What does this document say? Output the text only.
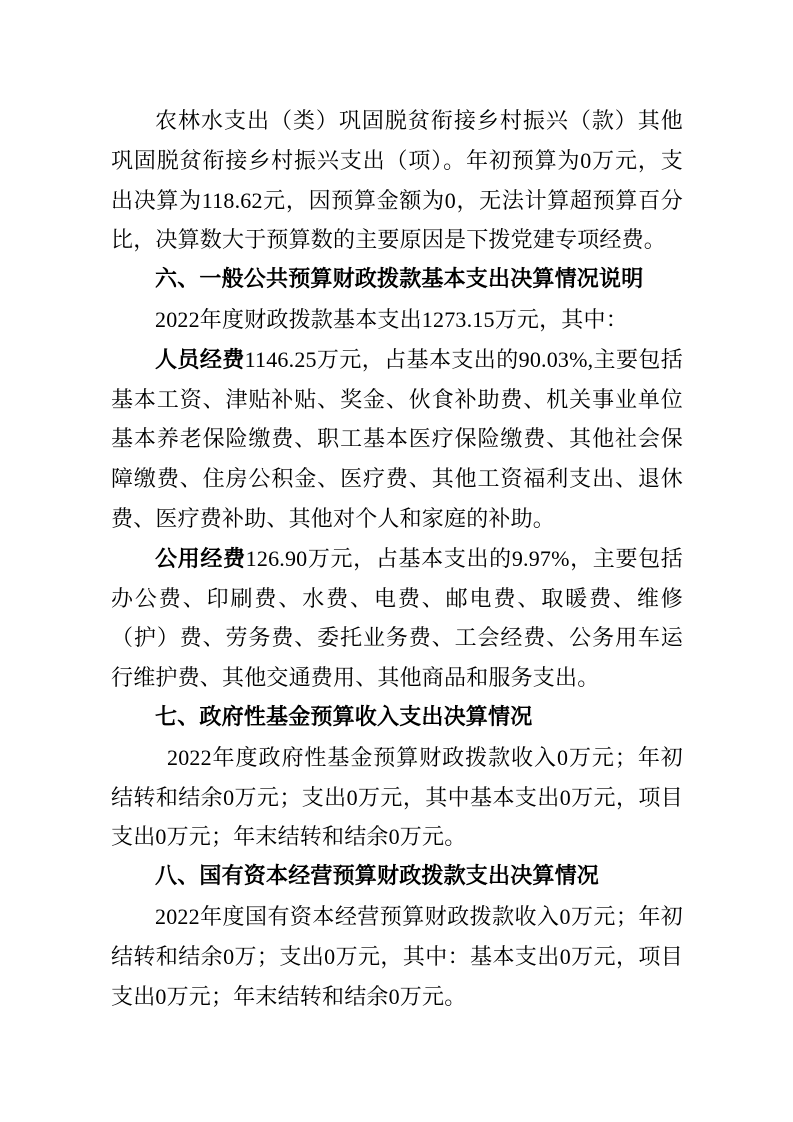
农林水支出（类）巩固脱贫衔接乡村振兴（款）其他巩固脱贫衔接乡村振兴支出（项）。年初预算为0万元，支出决算为118.62元，因预算金额为0，无法计算超预算百分比，决算数大于预算数的主要原因是下拨党建专项经费。

六、一般公共预算财政拨款基本支出决算情况说明

2022年度财政拨款基本支出1273.15万元，其中：

人员经费1146.25万元，占基本支出的90.03%,主要包括基本工资、津贴补贴、奖金、伙食补助费、机关事业单位基本养老保险缴费、职工基本医疗保险缴费、其他社会保障缴费、住房公积金、医疗费、其他工资福利支出、退休费、医疗费补助、其他对个人和家庭的补助。

公用经费126.90万元，占基本支出的9.97%，主要包括办公费、印刷费、水费、电费、邮电费、取暖费、维修（护）费、劳务费、委托业务费、工会经费、公务用车运行维护费、其他交通费用、其他商品和服务支出。

七、政府性基金预算收入支出决算情况

2022年度政府性基金预算财政拨款收入0万元；年初结转和结余0万元；支出0万元，其中基本支出0万元，项目支出0万元；年末结转和结余0万元。

八、国有资本经营预算财政拨款支出决算情况

2022年度国有资本经营预算财政拨款收入0万元；年初结转和结余0万；支出0万元，其中：基本支出0万元，项目支出0万元；年末结转和结余0万元。
